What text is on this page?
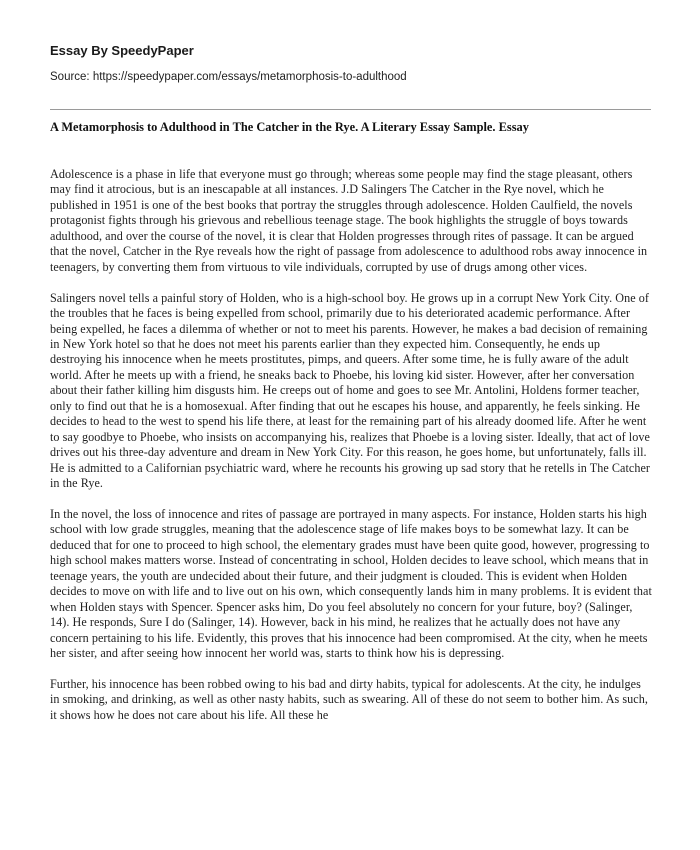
Essay By SpeedyPaper
Source: https://speedypaper.com/essays/metamorphosis-to-adulthood
A Metamorphosis to Adulthood in The Catcher in the Rye. A Literary Essay Sample. Essay

Adolescence is a phase in life that everyone must go through; whereas some people may find the stage pleasant, others may find it atrocious, but is an inescapable at all instances. J.D Salingers The Catcher in the Rye novel, which he published in 1951 is one of the best books that portray the struggles through adolescence. Holden Caulfield, the novels protagonist fights through his grievous and rebellious teenage stage. The book highlights the struggle of boys towards adulthood, and over the course of the novel, it is clear that Holden progresses through rites of passage. It can be argued that the novel, Catcher in the Rye reveals how the right of passage from adolescence to adulthood robs away innocence in teenagers, by converting them from virtuous to vile individuals, corrupted by use of drugs among other vices.

Salingers novel tells a painful story of Holden, who is a high-school boy. He grows up in a corrupt New York City. One of the troubles that he faces is being expelled from school, primarily due to his deteriorated academic performance. After being expelled, he faces a dilemma of whether or not to meet his parents. However, he makes a bad decision of remaining in New York hotel so that he does not meet his parents earlier than they expected him. Consequently, he ends up destroying his innocence when he meets prostitutes, pimps, and queers. After some time, he is fully aware of the adult world. After he meets up with a friend, he sneaks back to Phoebe, his loving kid sister. However, after her conversation about their father killing him disgusts him. He creeps out of home and goes to see Mr. Antolini, Holdens former teacher, only to find out that he is a homosexual. After finding that out he escapes his house, and apparently, he feels sinking. He decides to head to the west to spend his life there, at least for the remaining part of his already doomed life. After he went to say goodbye to Phoebe, who insists on accompanying his, realizes that Phoebe is a loving sister. Ideally, that act of love drives out his three-day adventure and dream in New York City. For this reason, he goes home, but unfortunately, falls ill. He is admitted to a Californian psychiatric ward, where he recounts his growing up sad story that he retells in The Catcher in the Rye.

In the novel, the loss of innocence and rites of passage are portrayed in many aspects. For instance, Holden starts his high school with low grade struggles, meaning that the adolescence stage of life makes boys to be somewhat lazy. It can be deduced that for one to proceed to high school, the elementary grades must have been quite good, however, progressing to high school makes matters worse. Instead of concentrating in school, Holden decides to leave school, which means that in teenage years, the youth are undecided about their future, and their judgment is clouded. This is evident when Holden decides to move on with life and to live out on his own, which consequently lands him in many problems. It is evident that when Holden stays with Spencer. Spencer asks him, Do you feel absolutely no concern for your future, boy? (Salinger, 14). He responds, Sure I do (Salinger, 14). However, back in his mind, he realizes that he actually does not have any concern pertaining to his life. Evidently, this proves that his innocence had been compromised. At the city, when he meets her sister, and after seeing how innocent her world was, starts to think how his is depressing.

Further, his innocence has been robbed owing to his bad and dirty habits, typical for adolescents. At the city, he indulges in smoking, and drinking, as well as other nasty habits, such as swearing. All of these do not seem to bother him. As such, it shows how he does not care about his life. All these he
